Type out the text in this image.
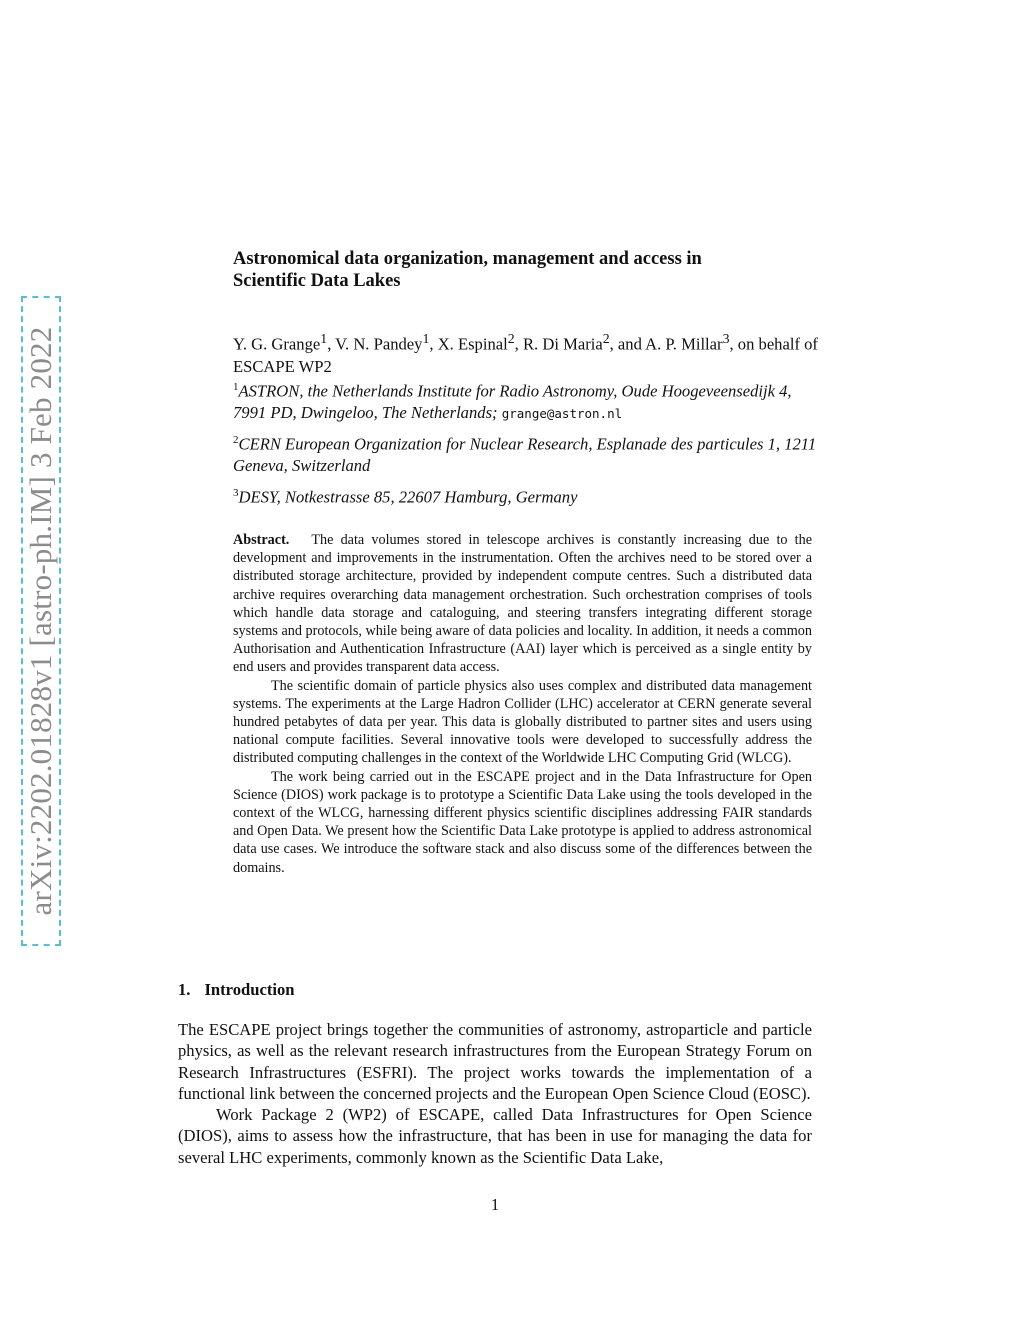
arXiv:2202.01828v1 [astro-ph.IM] 3 Feb 2022
Astronomical data organization, management and access in
Scientific Data Lakes
Y. G. Grange$^1$, V. N. Pandey$^1$, X. Espinal$^2$, R. Di Maria$^2$, and A. P. Millar$^3$, on behalf of ESCAPE WP2
$^1$ASTRON, the Netherlands Institute for Radio Astronomy, Oude Hoogeveensedijk 4, 7991 PD, Dwingeloo, The Netherlands; grange@astron.nl
$^2$CERN European Organization for Nuclear Research, Esplanade des particules 1, 1211 Geneva, Switzerland
$^3$DESY, Notkestrasse 85, 22607 Hamburg, Germany

Abstract. The data volumes stored in telescope archives is constantly increasing due to the development and improvements in the instrumentation. Often the archives need to be stored over a distributed storage architecture, provided by independent compute centres. Such a distributed data archive requires overarching data management orchestration. Such orchestration comprises of tools which handle data storage and cataloguing, and steering transfers integrating different storage systems and protocols, while being aware of data policies and locality. In addition, it needs a common Authorisation and Authentication Infrastructure (AAI) layer which is perceived as a single entity by end users and provides transparent data access.

The scientific domain of particle physics also uses complex and distributed data management systems. The experiments at the Large Hadron Collider (LHC) accelerator at CERN generate several hundred petabytes of data per year. This data is globally distributed to partner sites and users using national compute facilities. Several innovative tools were developed to successfully address the distributed computing challenges in the context of the Worldwide LHC Computing Grid (WLCG).

The work being carried out in the ESCAPE project and in the Data Infrastructure for Open Science (DIOS) work package is to prototype a Scientific Data Lake using the tools developed in the context of the WLCG, harnessing different physics scientific disciplines addressing FAIR standards and Open Data. We present how the Scientific Data Lake prototype is applied to address astronomical data use cases. We introduce the software stack and also discuss some of the differences between the domains.

1. Introduction

The ESCAPE project brings together the communities of astronomy, astroparticle and particle physics, as well as the relevant research infrastructures from the European Strategy Forum on Research Infrastructures (ESFRI). The project works towards the implementation of a functional link between the concerned projects and the European Open Science Cloud (EOSC).

Work Package 2 (WP2) of ESCAPE, called Data Infrastructures for Open Science (DIOS), aims to assess how the infrastructure, that has been in use for managing the data for several LHC experiments, commonly known as the Scientific Data Lake,

1
